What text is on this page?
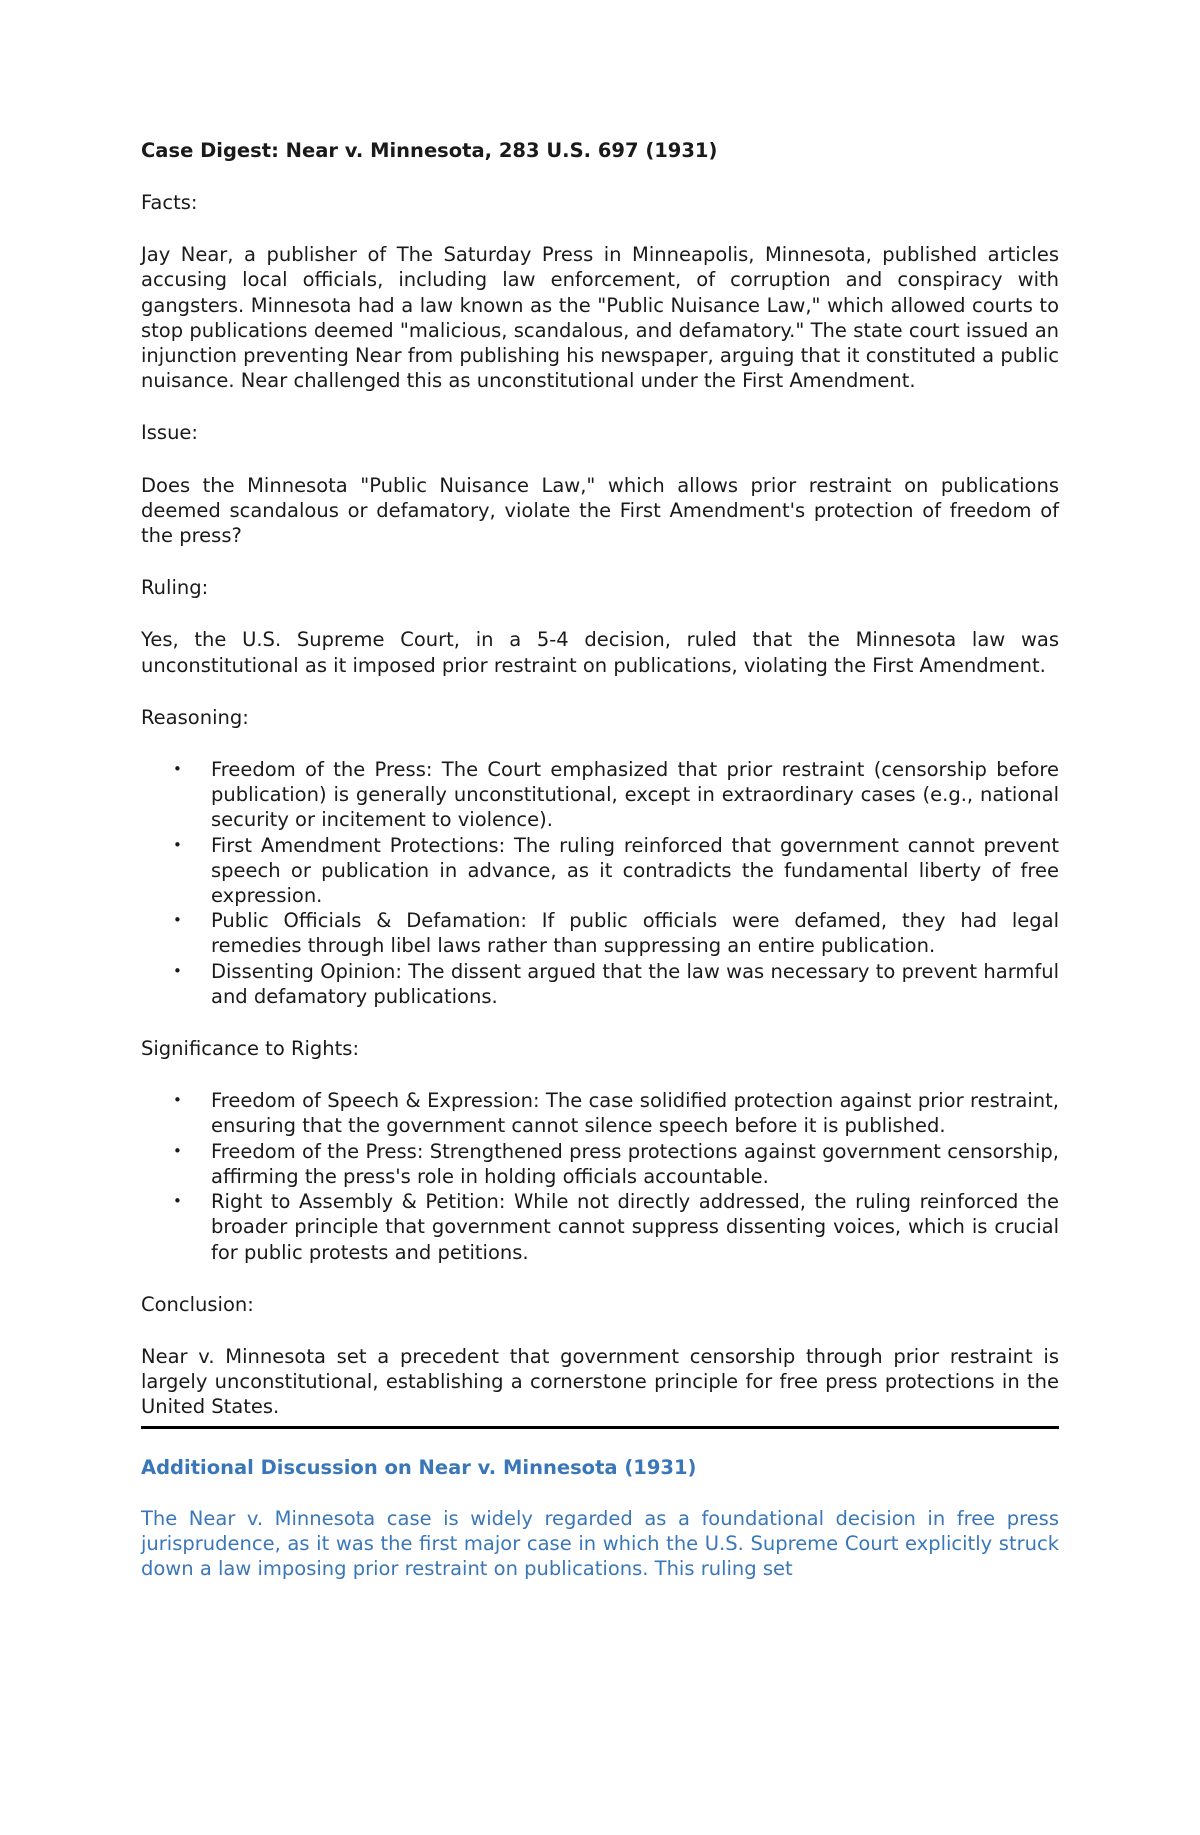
Case Digest: Near v. Minnesota, 283 U.S. 697 (1931)
Facts:
Jay Near, a publisher of The Saturday Press in Minneapolis, Minnesota, published articles accusing local officials, including law enforcement, of corruption and conspiracy with gangsters. Minnesota had a law known as the "Public Nuisance Law," which allowed courts to stop publications deemed "malicious, scandalous, and defamatory." The state court issued an injunction preventing Near from publishing his newspaper, arguing that it constituted a public nuisance. Near challenged this as unconstitutional under the First Amendment.
Issue:
Does the Minnesota "Public Nuisance Law," which allows prior restraint on publications deemed scandalous or defamatory, violate the First Amendment's protection of freedom of the press?
Ruling:
Yes, the U.S. Supreme Court, in a 5-4 decision, ruled that the Minnesota law was unconstitutional as it imposed prior restraint on publications, violating the First Amendment.
Reasoning:
• Freedom of the Press: The Court emphasized that prior restraint (censorship before publication) is generally unconstitutional, except in extraordinary cases (e.g., national security or incitement to violence).
• First Amendment Protections: The ruling reinforced that government cannot prevent speech or publication in advance, as it contradicts the fundamental liberty of free expression.
• Public Officials & Defamation: If public officials were defamed, they had legal remedies through libel laws rather than suppressing an entire publication.
• Dissenting Opinion: The dissent argued that the law was necessary to prevent harmful and defamatory publications.
Significance to Rights:
• Freedom of Speech & Expression: The case solidified protection against prior restraint, ensuring that the government cannot silence speech before it is published.
• Freedom of the Press: Strengthened press protections against government censorship, affirming the press's role in holding officials accountable.
• Right to Assembly & Petition: While not directly addressed, the ruling reinforced the broader principle that government cannot suppress dissenting voices, which is crucial for public protests and petitions.
Conclusion:
Near v. Minnesota set a precedent that government censorship through prior restraint is largely unconstitutional, establishing a cornerstone principle for free press protections in the United States.
Additional Discussion on Near v. Minnesota (1931)
The Near v. Minnesota case is widely regarded as a foundational decision in free press jurisprudence, as it was the first major case in which the U.S. Supreme Court explicitly struck down a law imposing prior restraint on publications. This ruling set
